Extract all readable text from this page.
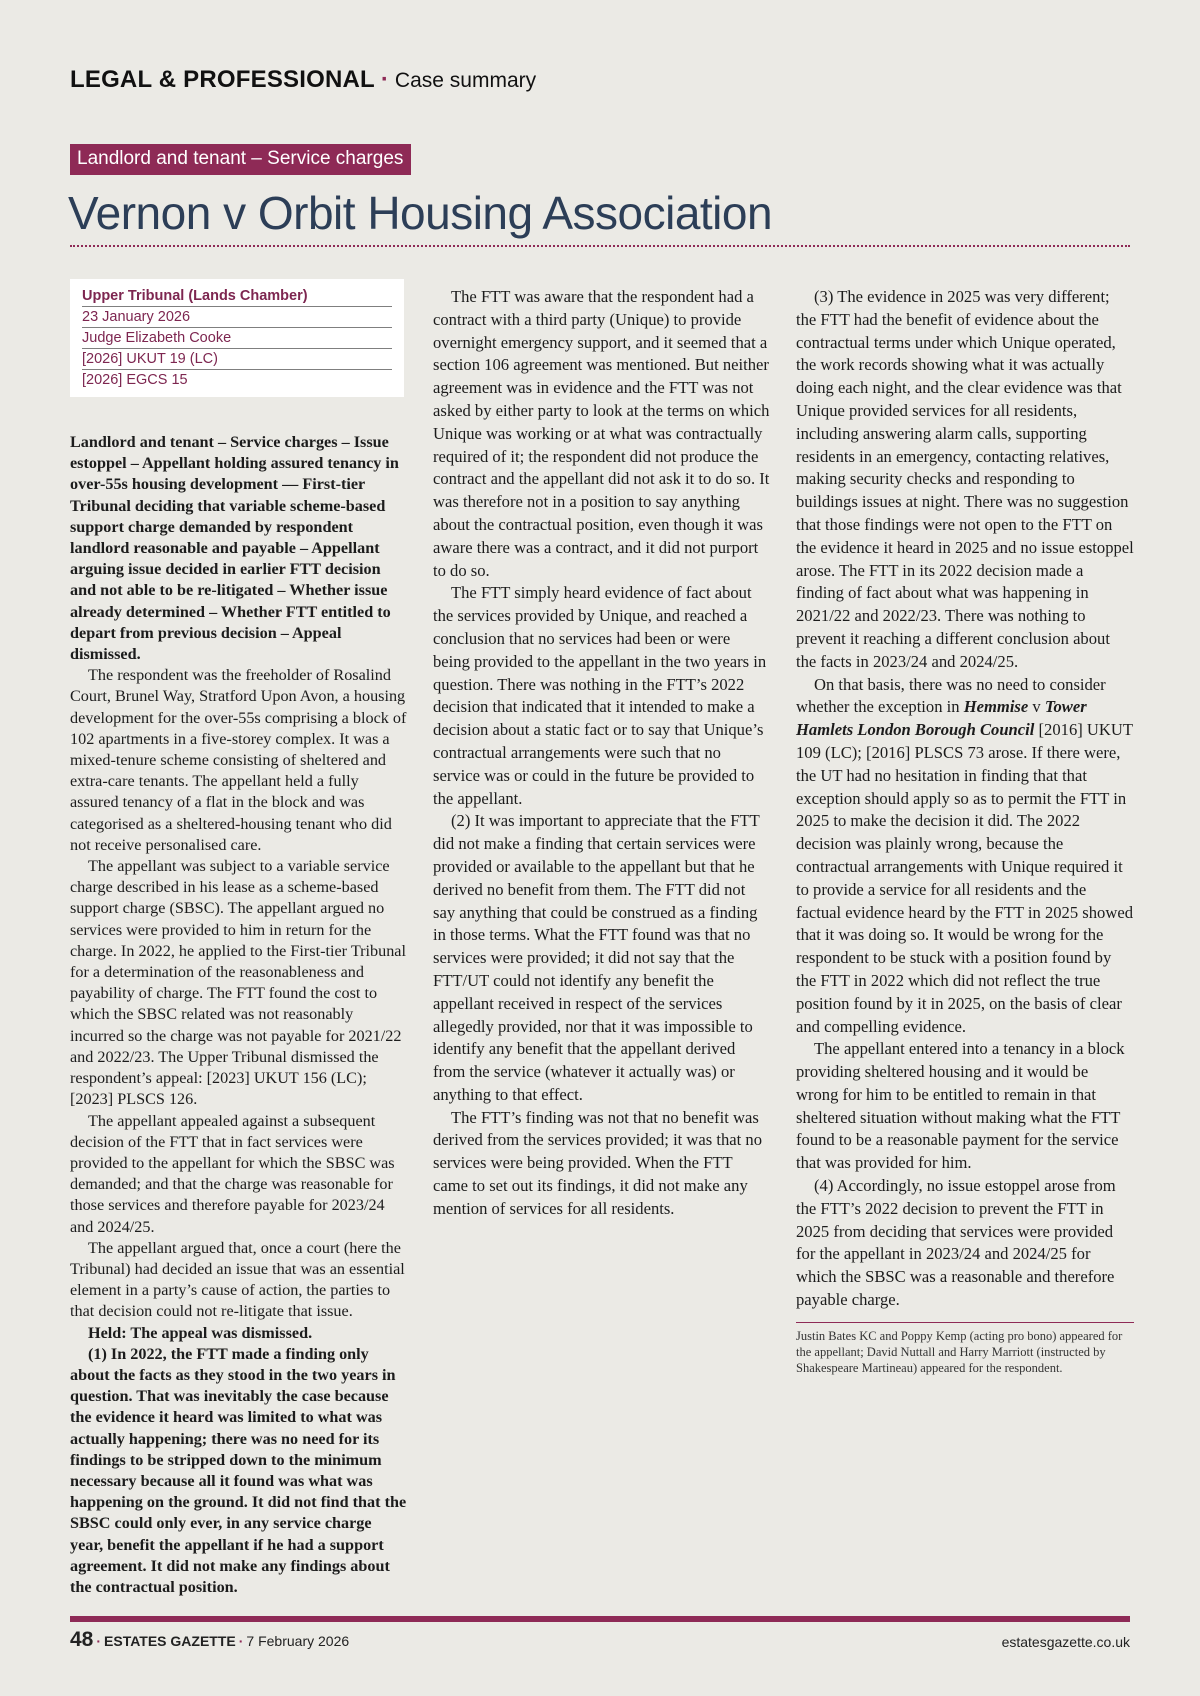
LEGAL & PROFESSIONAL · Case summary
Landlord and tenant – Service charges
Vernon v Orbit Housing Association
Upper Tribunal (Lands Chamber)
23 January 2026
Judge Elizabeth Cooke
[2026] UKUT 19 (LC)
[2026] EGCS 15

Landlord and tenant – Service charges – Issue estoppel – Appellant holding assured tenancy in over-55s housing development — First-tier Tribunal deciding that variable scheme-based support charge demanded by respondent landlord reasonable and payable – Appellant arguing issue decided in earlier FTT decision and not able to be re-litigated – Whether issue already determined – Whether FTT entitled to depart from previous decision – Appeal dismissed.

The respondent was the freeholder of Rosalind Court, Brunel Way, Stratford Upon Avon, a housing development for the over-55s comprising a block of 102 apartments in a five-storey complex. It was a mixed-tenure scheme consisting of sheltered and extra-care tenants. The appellant held a fully assured tenancy of a flat in the block and was categorised as a sheltered-housing tenant who did not receive personalised care.

The appellant was subject to a variable service charge described in his lease as a scheme-based support charge (SBSC). The appellant argued no services were provided to him in return for the charge. In 2022, he applied to the First-tier Tribunal for a determination of the reasonableness and payability of charge. The FTT found the cost to which the SBSC related was not reasonably incurred so the charge was not payable for 2021/22 and 2022/23. The Upper Tribunal dismissed the respondent’s appeal: [2023] UKUT 156 (LC); [2023] PLSCS 126.

The appellant appealed against a subsequent decision of the FTT that in fact services were provided to the appellant for which the SBSC was demanded; and that the charge was reasonable for those services and therefore payable for 2023/24 and 2024/25.

The appellant argued that, once a court (here the Tribunal) had decided an issue that was an essential element in a party’s cause of action, the parties to that decision could not re-litigate that issue.

Held: The appeal was dismissed.

(1) In 2022, the FTT made a finding only about the facts as they stood in the two years in question. That was inevitably the case because the evidence it heard was limited to what was actually happening; there was no need for its findings to be stripped down to the minimum necessary because all it found was what was happening on the ground. It did not find that the SBSC could only ever, in any service charge year, benefit the appellant if he had a support agreement. It did not make any findings about the contractual position.

The FTT was aware that the respondent had a contract with a third party (Unique) to provide overnight emergency support, and it seemed that a section 106 agreement was mentioned. But neither agreement was in evidence and the FTT was not asked by either party to look at the terms on which Unique was working or at what was contractually required of it; the respondent did not produce the contract and the appellant did not ask it to do so. It was therefore not in a position to say anything about the contractual position, even though it was aware there was a contract, and it did not purport to do so.

The FTT simply heard evidence of fact about the services provided by Unique, and reached a conclusion that no services had been or were being provided to the appellant in the two years in question. There was nothing in the FTT’s 2022 decision that indicated that it intended to make a decision about a static fact or to say that Unique’s contractual arrangements were such that no service was or could in the future be provided to the appellant.

(2) It was important to appreciate that the FTT did not make a finding that certain services were provided or available to the appellant but that he derived no benefit from them. The FTT did not say anything that could be construed as a finding in those terms. What the FTT found was that no services were provided; it did not say that the FTT/UT could not identify any benefit the appellant received in respect of the services allegedly provided, nor that it was impossible to identify any benefit that the appellant derived from the service (whatever it actually was) or anything to that effect.

The FTT’s finding was not that no benefit was derived from the services provided; it was that no services were being provided. When the FTT came to set out its findings, it did not make any mention of services for all residents.

(3) The evidence in 2025 was very different; the FTT had the benefit of evidence about the contractual terms under which Unique operated, the work records showing what it was actually doing each night, and the clear evidence was that Unique provided services for all residents, including answering alarm calls, supporting residents in an emergency, contacting relatives, making security checks and responding to buildings issues at night. There was no suggestion that those findings were not open to the FTT on the evidence it heard in 2025 and no issue estoppel arose. The FTT in its 2022 decision made a finding of fact about what was happening in 2021/22 and 2022/23. There was nothing to prevent it reaching a different conclusion about the facts in 2023/24 and 2024/25.

On that basis, there was no need to consider whether the exception in Hemmise v Tower Hamlets London Borough Council [2016] UKUT 109 (LC); [2016] PLSCS 73 arose. If there were, the UT had no hesitation in finding that that exception should apply so as to permit the FTT in 2025 to make the decision it did. The 2022 decision was plainly wrong, because the contractual arrangements with Unique required it to provide a service for all residents and the factual evidence heard by the FTT in 2025 showed that it was doing so. It would be wrong for the respondent to be stuck with a position found by the FTT in 2022 which did not reflect the true position found by it in 2025, on the basis of clear and compelling evidence.

The appellant entered into a tenancy in a block providing sheltered housing and it would be wrong for him to be entitled to remain in that sheltered situation without making what the FTT found to be a reasonable payment for the service that was provided for him.

(4) Accordingly, no issue estoppel arose from the FTT’s 2022 decision to prevent the FTT in 2025 from deciding that services were provided for the appellant in 2023/24 and 2024/25 for which the SBSC was a reasonable and therefore payable charge.

Justin Bates KC and Poppy Kemp (acting pro bono) appeared for the appellant; David Nuttall and Harry Marriott (instructed by Shakespeare Martineau) appeared for the respondent.
48 · ESTATES GAZETTE · 7 February 2026	estatesgazette.co.uk
